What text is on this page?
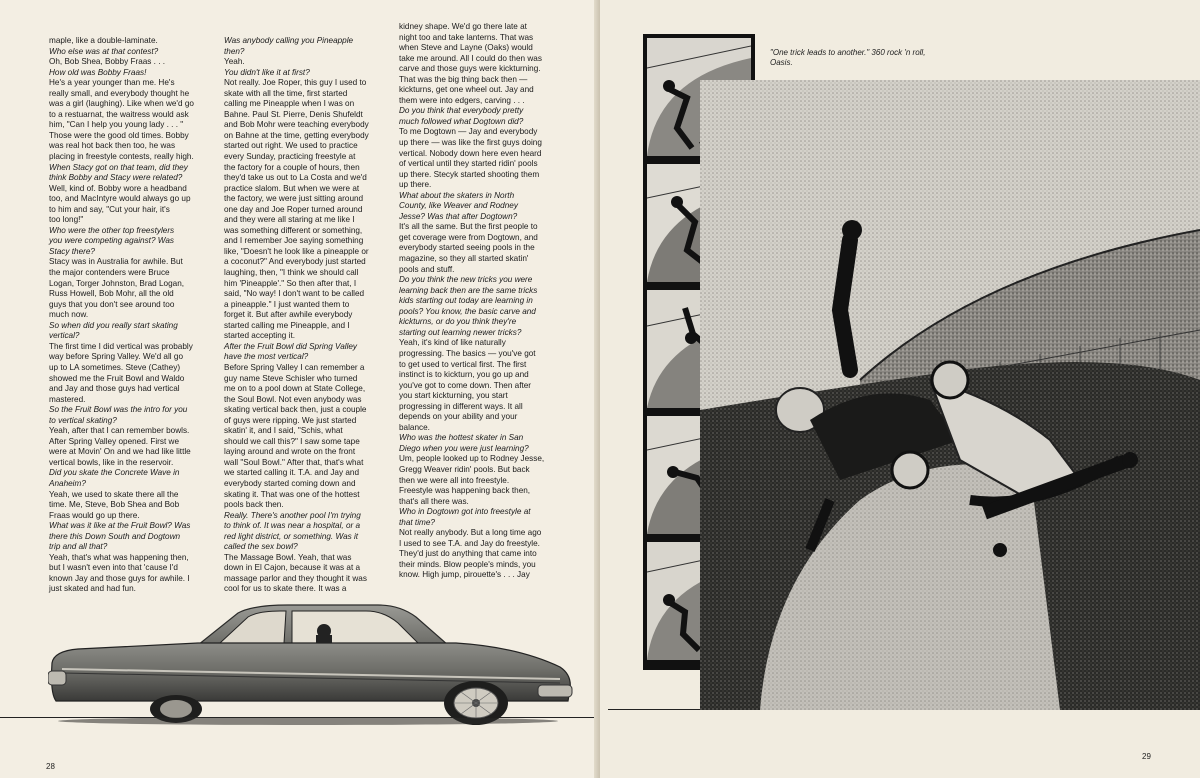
maple, like a double-laminate.
Who else was at that contest?
Oh, Bob Shea, Bobby Fraas . . .
How old was Bobby Fraas!
He's a year younger than me. He's
really small, and everybody thought he
was a girl (laughing). Like when we'd go
to a restuarnat, the waitress would ask
him, "Can I help you young lady . . . "
Those were the good old times. Bobby
was real hot back then too, he was
placing in freestyle contests, really high.
When Stacy got on that team, did they
think Bobby and Stacy were related?
Well, kind of. Bobby wore a headband
too, and MacIntyre would always go up
to him and say, "Cut your hair, it's
too long!"
Who were the other top freestylers
you were competing against? Was
Stacy there?
Stacy was in Australia for awhile. But
the major contenders were Bruce
Logan, Torger Johnston, Brad Logan,
Russ Howell, Bob Mohr, all the old
guys that you don't see around too
much now.
So when did you really start skating
vertical?
The first time I did vertical was probably
way before Spring Valley. We'd all go
up to LA sometimes. Steve (Cathey)
showed me the Fruit Bowl and Waldo
and Jay and those guys had vertical
mastered.
So the Fruit Bowl was the intro for you
to vertical skating?
Yeah, after that I can remember bowls.
After Spring Valley opened. First we
were at Movin' On and we had like little
vertical bowls, like in the reservoir.
Did you skate the Concrete Wave in
Anaheim?
Yeah, we used to skate there all the
time. Me, Steve, Bob Shea and Bob
Fraas would go up there.
What was it like at the Fruit Bowl? Was
there this Down South and Dogtown
trip and all that?
Yeah, that's what was happening then,
but I wasn't even into that 'cause I'd
known Jay and those guys for awhile. I
just skated and had fun.
Was anybody calling you Pineapple
then?
Yeah.
You didn't like it at first?
Not really. Joe Roper, this guy I used to
skate with all the time, first started
calling me Pineapple when I was on
Bahne. Paul St. Pierre, Denis Shufeldt
and Bob Mohr were teaching everybody
on Bahne at the time, getting everybody
started out right. We used to practice
every Sunday, practicing freestyle at
the factory for a couple of hours, then
they'd take us out to La Costa and we'd
practice slalom. But when we were at
the factory, we were just sitting around
one day and Joe Roper turned around
and they were all staring at me like I
was something different or something,
and I remember Joe saying something
like, "Doesn't he look like a pineapple or
a coconut?" And everybody just started
laughing, then, "I think we should call
him 'Pineapple'." So then after that, I
said, "No way! I don't want to be called
a pineapple." I just wanted them to
forget it. But after awhile everybody
started calling me Pineapple, and I
started accepting it.
After the Fruit Bowl did Spring Valley
have the most vertical?
Before Spring Valley I can remember a
guy name Steve Schisler who turned
me on to a pool down at State College,
the Soul Bowl. Not even anybody was
skating vertical back then, just a couple
of guys were ripping. We just started
skatin' it, and I said, "Schis, what
should we call this?" I saw some tape
laying around and wrote on the front
wall "Soul Bowl." After that, that's what
we started calling it. T.A. and Jay and
everybody started coming down and
skating it. That was one of the hottest
pools back then.
Really. There's another pool I'm trying
to think of. It was near a hospital, or a
red light district, or something. Was it
called the sex bowl?
The Massage Bowl. Yeah, that was
down in El Cajon, because it was at a
massage parlor and they thought it was
cool for us to skate there. It was a
kidney shape. We'd go there late at
night too and take lanterns. That was
when Steve and Layne (Oaks) would
take me around. All I could do then was
carve and those guys were kickturning.
That was the big thing back then —
kickturns, get one wheel out. Jay and
them were into edgers, carving . . .
Do you think that everybody pretty
much followed what Dogtown did?
To me Dogtown — Jay and everybody
up there — was like the first guys doing
vertical. Nobody down here even heard
of vertical until they started ridin' pools
up there. Stecyk started shooting them
up there.
What about the skaters in North
County, like Weaver and Rodney
Jesse? Was that after Dogtown?
It's all the same. But the first people to
get coverage were from Dogtown, and
everybody started seeing pools in the
magazine, so they all started skatin'
pools and stuff.
Do you think the new tricks you were
learning back then are the same tricks
kids starting out today are learning in
pools? You know, the basic carve and
kickturns, or do you think they're
starting out learning newer tricks?
Yeah, it's kind of like naturally
progressing. The basics — you've got
to get used to vertical first. The first
instinct is to kickturn, you go up and
you've got to come down. Then after
you start kickturning, you start
progressing in different ways. It all
depends on your ability and your
balance.
Who was the hottest skater in San
Diego when you were just learning?
Um, people looked up to Rodney Jesse,
Gregg Weaver ridin' pools. But back
then we were all into freestyle.
Freestyle was happening back then,
that's all there was.
Who in Dogtown got into freestyle at
that time?
Not really anybody. But a long time ago
I used to see T.A. and Jay do freestyle.
They'd just do anything that came into
their minds. Blow people's minds, you
know. High jump, pirouette's . . . Jay
28
"One trick leads to another." 360 rock 'n roll,
Oasis.
29
